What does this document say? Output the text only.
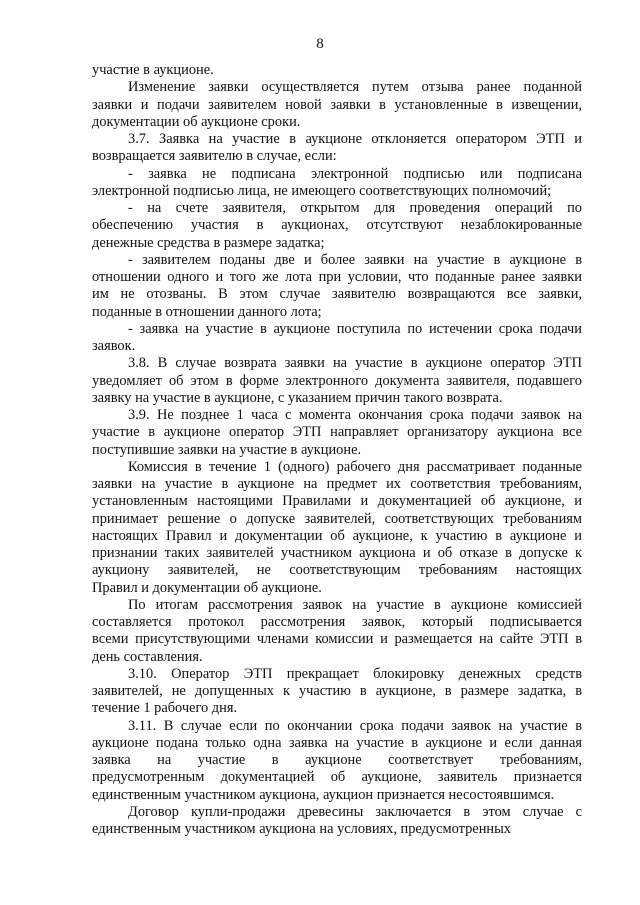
8

участие в аукционе.

Изменение заявки осуществляется путем отзыва ранее поданной
заявки и подачи заявителем новой заявки в установленные в извещении,
документации об аукционе сроки.

3.7. Заявка на участие в аукционе отклоняется оператором ЭТП и
возвращается заявителю в случае, если:

- заявка не подписана электронной подписью или подписана
электронной подписью лица, не имеющего соответствующих полномочий;

- на счете заявителя, открытом для проведения операций по
обеспечению участия в аукционах, отсутствуют незаблокированные
денежные средства в размере задатка;

- заявителем поданы две и более заявки на участие в аукционе в
отношении одного и того же лота при условии, что поданные ранее заявки
им не отозваны. В этом случае заявителю возвращаются все заявки,
поданные в отношении данного лота;

- заявка на участие в аукционе поступила по истечении срока подачи
заявок.

3.8. В случае возврата заявки на участие в аукционе оператор ЭТП
уведомляет об этом в форме электронного документа заявителя, подавшего
заявку на участие в аукционе, с указанием причин такого возврата.

3.9. Не позднее 1 часа с момента окончания срока подачи заявок на
участие в аукционе оператор ЭТП направляет организатору аукциона все
поступившие заявки на участие в аукционе.

Комиссия в течение 1 (одного) рабочего дня рассматривает поданные
заявки на участие в аукционе на предмет их соответствия требованиям,
установленным настоящими Правилами и документацией об аукционе, и
принимает решение о допуске заявителей, соответствующих требованиям
настоящих Правил и документации об аукционе, к участию в аукционе и
признании таких заявителей участником аукциона и об отказе в допуске к
аукциону заявителей, не соответствующим требованиям настоящих
Правил и документации об аукционе.

По итогам рассмотрения заявок на участие в аукционе комиссией
составляется протокол рассмотрения заявок, который подписывается
всеми присутствующими членами комиссии и размещается на сайте ЭТП в
день составления.

3.10. Оператор ЭТП прекращает блокировку денежных средств
заявителей, не допущенных к участию в аукционе, в размере задатка, в
течение 1 рабочего дня.

3.11. В случае если по окончании срока подачи заявок на участие в
аукционе подана только одна заявка на участие в аукционе и если данная
заявка на участие в аукционе соответствует требованиям,
предусмотренным документацией об аукционе, заявитель признается
единственным участником аукциона, аукцион признается несостоявшимся.

Договор купли-продажи древесины заключается в этом случае с
единственным участником аукциона на условиях, предусмотренных
